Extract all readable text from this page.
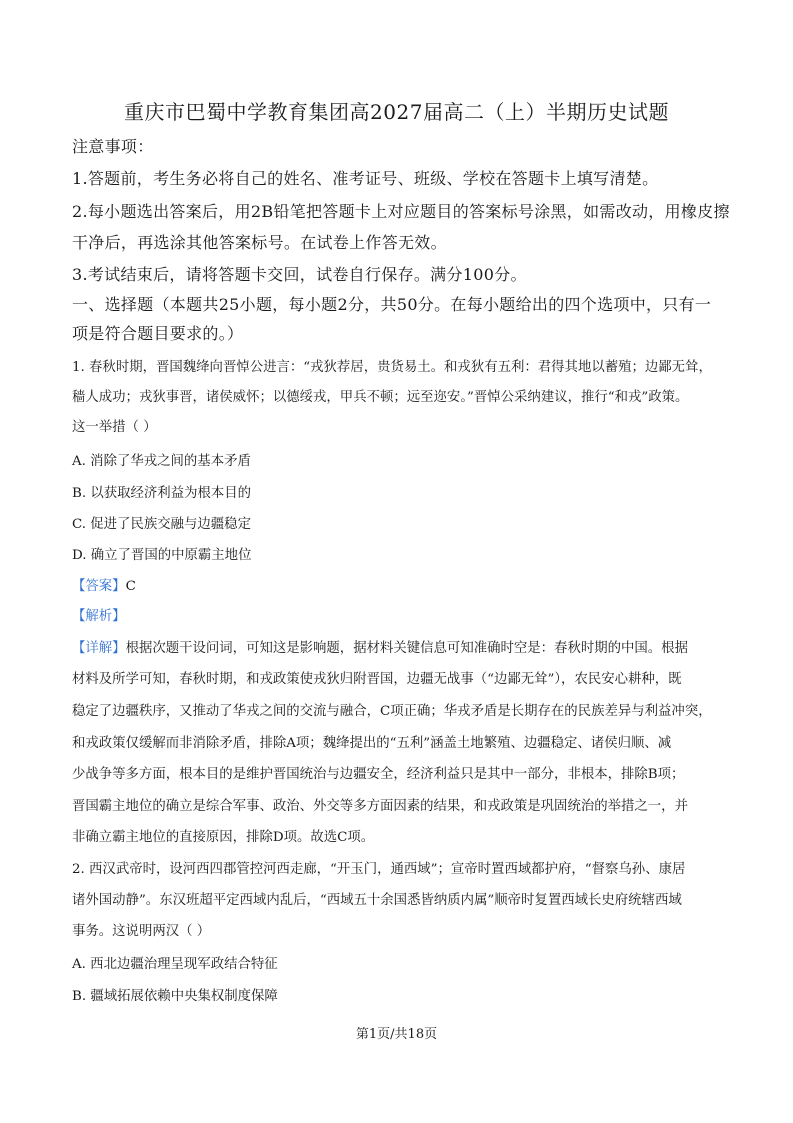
重庆市巴蜀中学教育集团高2027届高二（上）半期历史试题
注意事项：
1.答题前，考生务必将自己的姓名、准考证号、班级、学校在答题卡上填写清楚。
2.每小题选出答案后，用2B铅笔把答题卡上对应题目的答案标号涂黑，如需改动，用橡皮擦
干净后，再选涂其他答案标号。在试卷上作答无效。
3.考试结束后，请将答题卡交回，试卷自行保存。满分100分。
一、选择题（本题共25小题，每小题2分，共50分。在每小题给出的四个选项中，只有一
项是符合题目要求的。）
1. 春秋时期，晋国魏绛向晋悼公进言：“戎狄荐居，贵货易土。和戎狄有五利：君得其地以蓄殖；边鄙无耸，
穑人成功；戎狄事晋，诸侯威怀；以德绥戎，甲兵不顿；远至迩安。”晋悼公采纳建议，推行“和戎”政策。
这一举措（ ）
A. 消除了华戎之间的基本矛盾
B. 以获取经济利益为根本目的
C. 促进了民族交融与边疆稳定
D. 确立了晋国的中原霸主地位
【答案】C
【解析】
【详解】根据次题干设问词，可知这是影响题，据材料关键信息可知准确时空是：春秋时期的中国。根据
材料及所学可知，春秋时期，和戎政策使戎狄归附晋国，边疆无战事（“边鄙无耸”），农民安心耕种，既
稳定了边疆秩序，又推动了华戎之间的交流与融合，C项正确；华戎矛盾是长期存在的民族差异与利益冲突，
和戎政策仅缓解而非消除矛盾，排除A项；魏绛提出的“五利”涵盖土地繁殖、边疆稳定、诸侯归顺、减
少战争等多方面，根本目的是维护晋国统治与边疆安全，经济利益只是其中一部分，非根本，排除B项；
晋国霸主地位的确立是综合军事、政治、外交等多方面因素的结果，和戎政策是巩固统治的举措之一，并
非确立霸主地位的直接原因，排除D项。故选C项。
2. 西汉武帝时，设河西四郡管控河西走廊，“开玉门，通西域”；宣帝时置西域都护府，“督察乌孙、康居
诸外国动静”。东汉班超平定西域内乱后，“西域五十余国悉皆纳质内属”顺帝时复置西域长史府统辖西域
事务。这说明两汉（ ）
A. 西北边疆治理呈现军政结合特征
B. 疆域拓展依赖中央集权制度保障
第1页/共18页
